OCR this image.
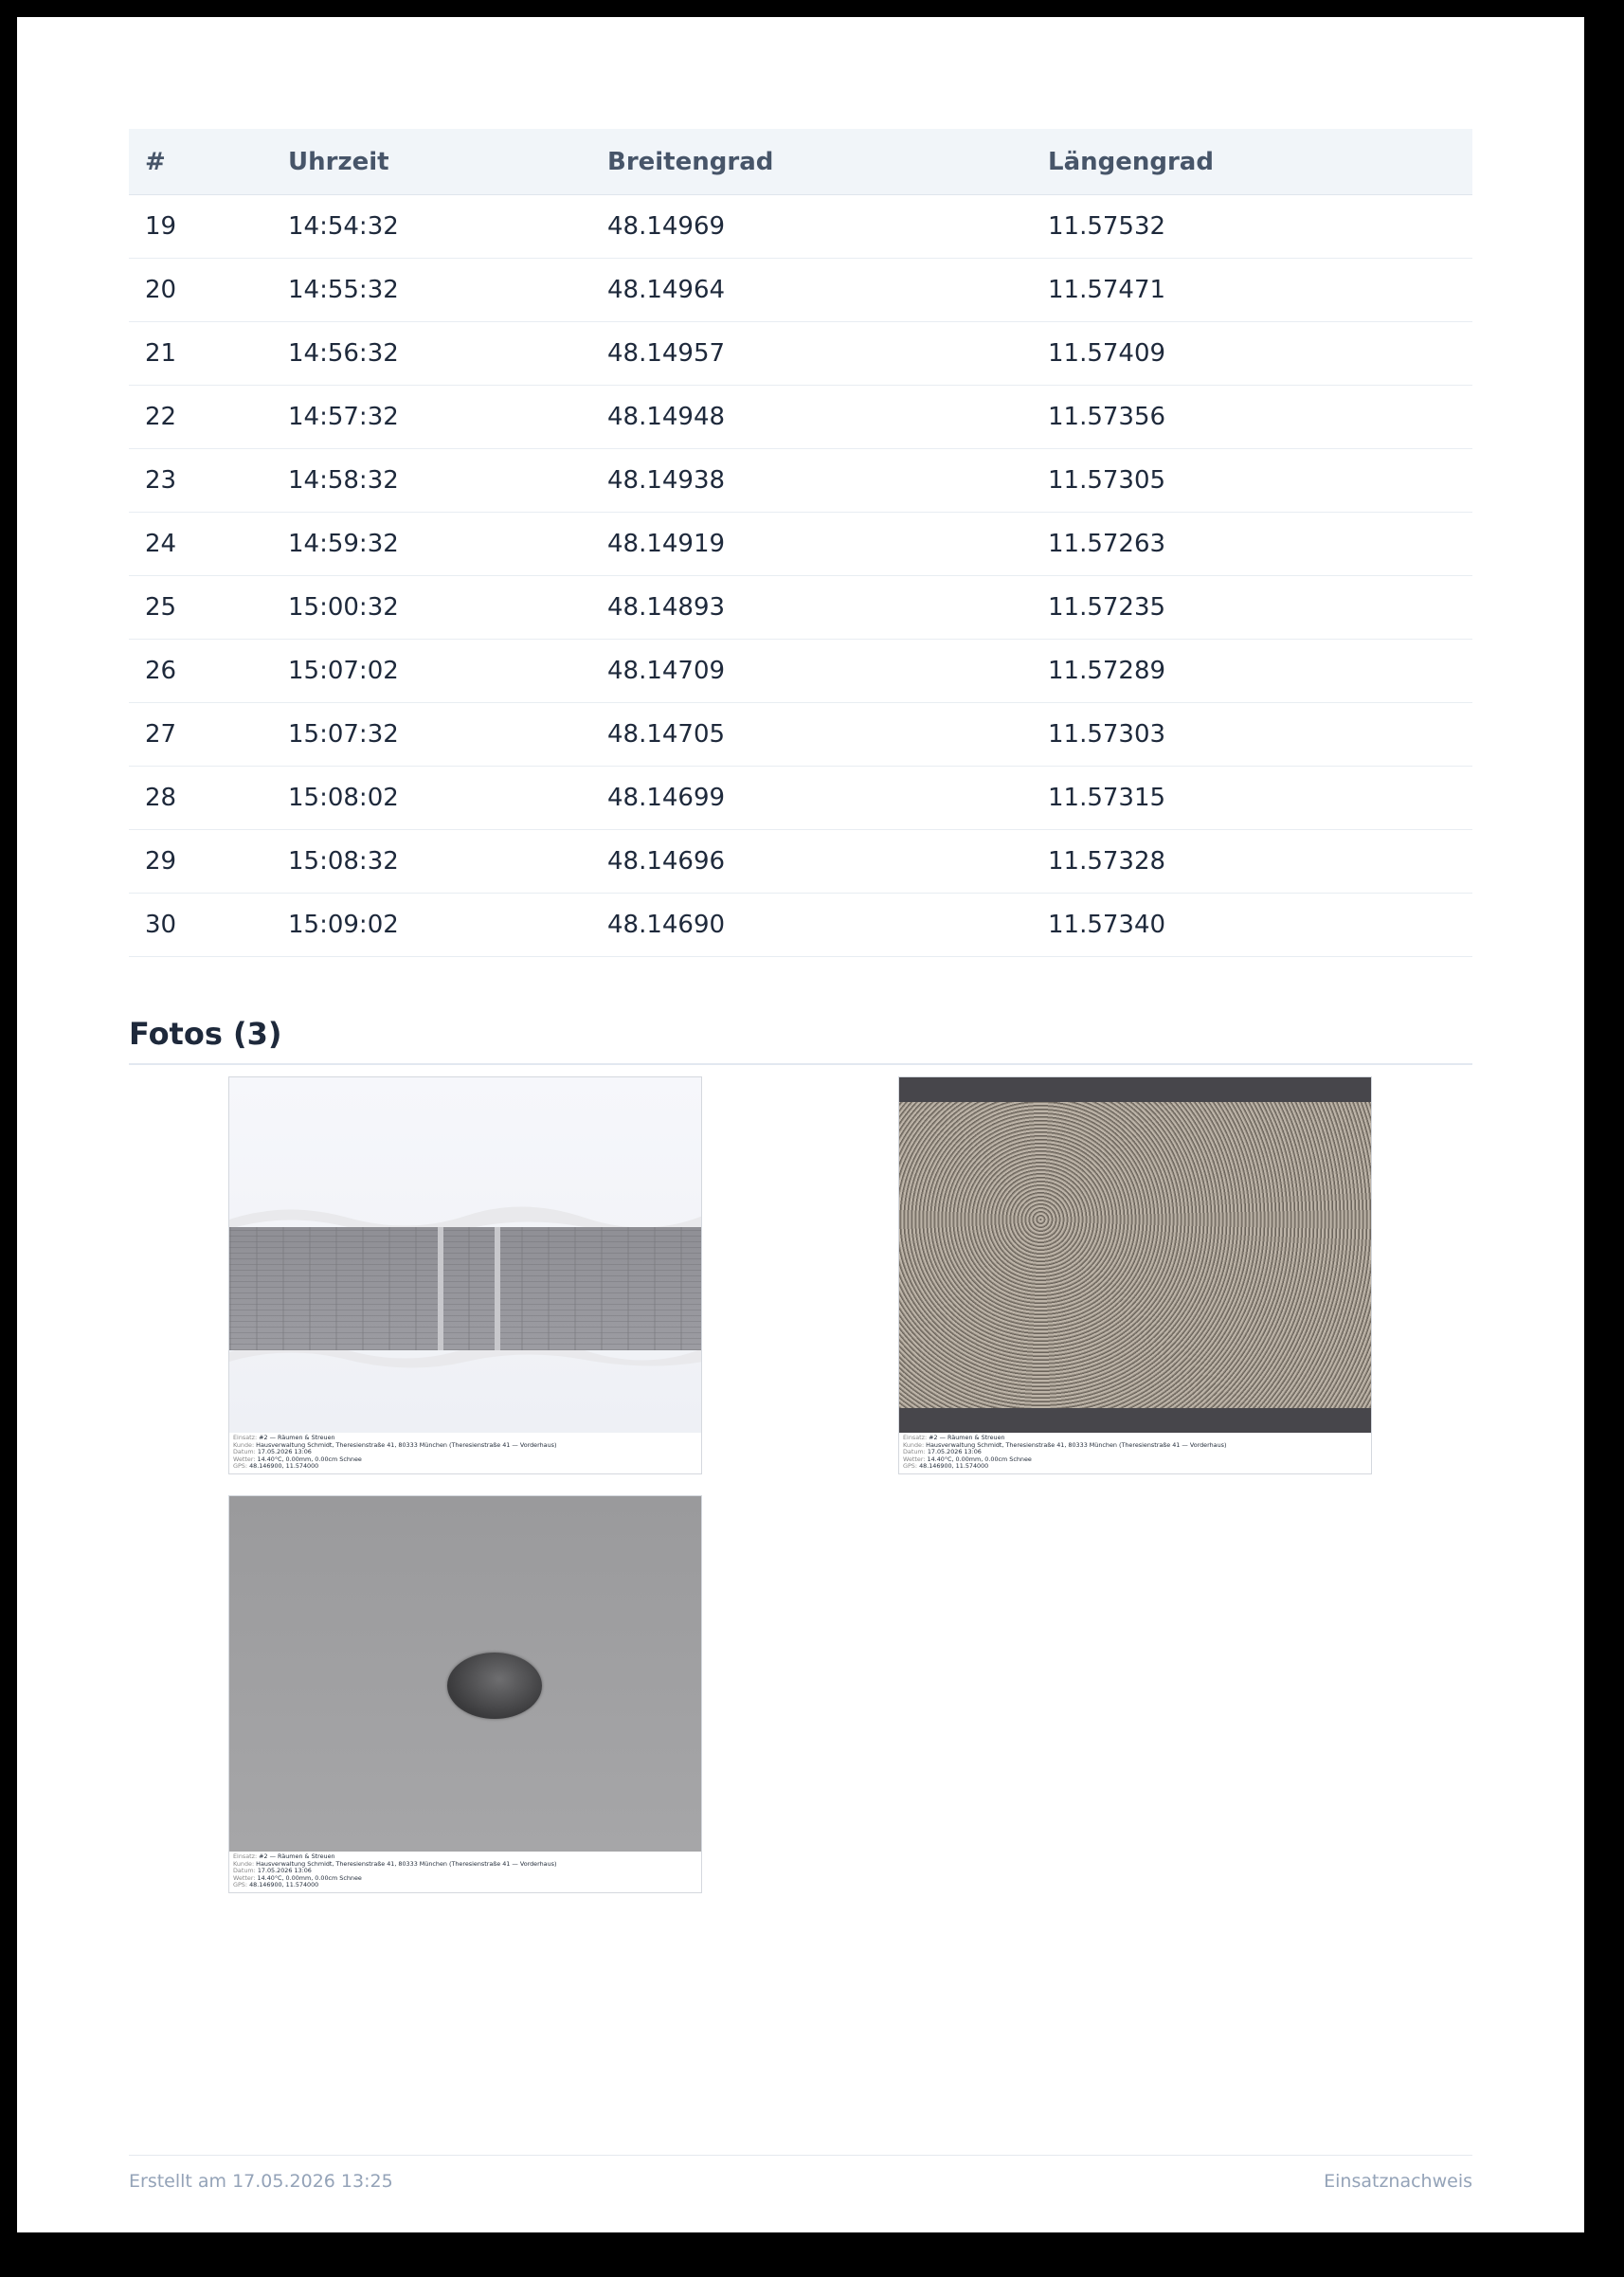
#	Uhrzeit	Breitengrad	Längengrad
19	14:54:32	48.14969	11.57532
20	14:55:32	48.14964	11.57471
21	14:56:32	48.14957	11.57409
22	14:57:32	48.14948	11.57356
23	14:58:32	48.14938	11.57305
24	14:59:32	48.14919	11.57263
25	15:00:32	48.14893	11.57235
26	15:07:02	48.14709	11.57289
27	15:07:32	48.14705	11.57303
28	15:08:02	48.14699	11.57315
29	15:08:32	48.14696	11.57328
30	15:09:02	48.14690	11.57340
Fotos (3)
Einsatz: #2 — Räumen & Streuen
Kunde: Hausverwaltung Schmidt, Theresienstraße 41, 80333 München (Theresienstraße 41 — Vorderhaus)
Datum: 17.05.2026 13:06
Wetter: 14.40°C, 0.00mm, 0.00cm Schnee
GPS: 48.146900, 11.574000
Einsatz: #2 — Räumen & Streuen
Kunde: Hausverwaltung Schmidt, Theresienstraße 41, 80333 München (Theresienstraße 41 — Vorderhaus)
Datum: 17.05.2026 13:06
Wetter: 14.40°C, 0.00mm, 0.00cm Schnee
GPS: 48.146900, 11.574000
Einsatz: #2 — Räumen & Streuen
Kunde: Hausverwaltung Schmidt, Theresienstraße 41, 80333 München (Theresienstraße 41 — Vorderhaus)
Datum: 17.05.2026 13:06
Wetter: 14.40°C, 0.00mm, 0.00cm Schnee
GPS: 48.146900, 11.574000
Erstellt am 17.05.2026 13:25	Einsatznachweis
